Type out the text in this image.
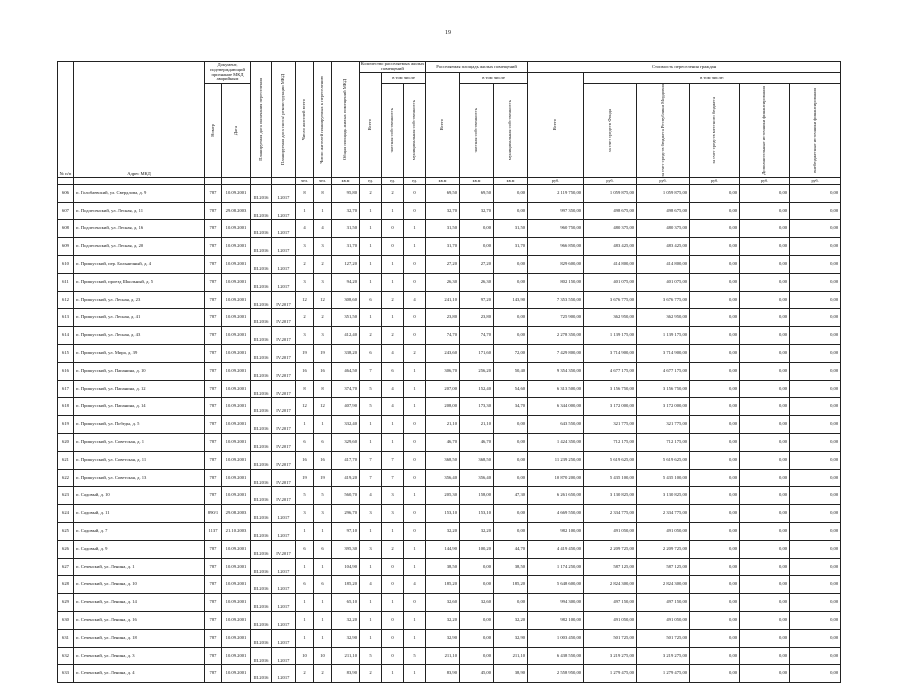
19
№ п/п	Адрес МКД	Документ, подтверждающий признание МКД аварийным		Планируемая дата окончания переселения	Планируемая дата сноса/ реконструкции МКД	Число жителей всего	Число жителей планируемых к переселению	Общая площадь жилых помещений МКД	Количество расселяемых жилых помещений			Расселяемая площадь жилых помещений			Стоимость переселения граждан					

									Всего	в том числе		Всего	в том числе		Всего	в том числе:				

		Номер	Дата							частная собственность	муниципальная собственность		частная собственность	муниципальная собственность		за счет средств Фонда	за счет средств бюджета Республики Мордовия	за счет средств местного бюджета	Дополнительные источники финансирования	внебюджетные источники финансирования

						чел.	чел.	кв.м	ед.	ед.	ед.	кв.м	кв.м	кв.м	руб.	руб.	руб.	руб.	руб.	руб.
606	п. Голобаевский, ул. Свердлова, д. 9	787	10.09.2001	III.2016	I.2017	8	8	95,80	2	2	0	69,50	69,50	0,00	2 119 750,00	1 059 875,00	1 059 875,00	0,00	0,00	0,00
607	п. Подлесенский, ул. Лесная, д. 11	787	29.08.2003	III.2016	I.2017	1	1	32,70	1	1	0	32,70	32,70	0,00	997 350,00	498 675,00	498 675,00	0,00	0,00	0,00
608	п. Подлесенский, ул. Лесная, д. 16	787	10.09.2001	III.2016	I.2017	4	4	31,50	1	0	1	31,50	0,00	31,50	960 750,00	480 375,00	480 375,00	0,00	0,00	0,00
609	п. Подлесенский, ул. Лесная, д. 20	787	10.09.2001	III.2016	I.2017	3	3	31,70	1	0	1	31,70	0,00	31,70	966 850,00	483 425,00	483 425,00	0,00	0,00	0,00
610	п. Пришусский, пер. Больничный, д. 4	787	10.09.2001	III.2016	I.2017	2	2	127,20	1	1	0	27,20	27,20	0,00	829 600,00	414 800,00	414 800,00	0,00	0,00	0,00
611	п. Пришусский, проезд Школьный, д. 5	787	10.09.2001	III.2016	I.2017	3	3	94,20	1	1	0	26,30	26,30	0,00	802 150,00	401 075,00	401 075,00	0,00	0,00	0,00
612	п. Пришусский, ул. Лесная, д. 23	787	10.09.2001	III.2016	IV.2017	12	12	308,60	6	2	4	241,10	97,20	143,90	7 353 550,00	3 676 775,00	3 676 775,00	0,00	0,00	0,00
613	п. Пришусский, ул. Лесная, д. 41	787	10.09.2001	III.2016	IV.2017	2	2	351,50	1	1	0	23,80	23,80	0,00	725 900,00	362 950,00	362 950,00	0,00	0,00	0,00
614	п. Пришусский, ул. Лесная, д. 43	787	10.09.2001	III.2016	IV.2017	3	3	412,40	2	2	0	74,70	74,70	0,00	2 278 350,00	1 139 175,00	1 139 175,00	0,00	0,00	0,00
615	п. Пришусский, ул. Мира, д. 39	787	10.09.2001	III.2016	IV.2017	19	19	338,20	6	4	2	243,60	171,60	72,00	7 429 800,00	3 714 900,00	3 714 900,00	0,00	0,00	0,00
616	п. Пришусский, ул. Папанина, д. 10	787	10.09.2001	III.2016	IV.2017	16	16	464,50	7	6	1	306,70	256,20	50,40	9 354 350,00	4 677 175,00	4 677 175,00	0,00	0,00	0,00
617	п. Пришусский, ул. Папанина, д. 12	787	10.09.2001	III.2016	IV.2017	8	8	374,70	5	4	1	207,00	152,40	54,60	6 313 500,00	3 156 750,00	3 156 750,00	0,00	0,00	0,00
618	п. Пришусский, ул. Папанина, д. 14	787	10.09.2001	III.2016	IV.2017	12	12	407,90	5	4	1	208,00	173,30	34,70	6 344 000,00	3 172 000,00	3 172 000,00	0,00	0,00	0,00
619	п. Пришусский, ул. Победы, д. 5	787	10.09.2001	III.2016	IV.2017	1	1	332,40	1	1	0	21,10	21,10	0,00	643 550,00	321 775,00	321 775,00	0,00	0,00	0,00
620	п. Пришусский, ул. Советская, д. 1	787	10.09.2001	III.2016	IV.2017	6	6	329,60	1	1	0	46,70	46,70	0,00	1 424 350,00	712 175,00	712 175,00	0,00	0,00	0,00
621	п. Пришусский, ул. Советская, д. 11	787	10.09.2001	III.2016	IV.2017	16	16	417,70	7	7	0	368,50	368,50	0,00	11 239 250,00	5 619 625,00	5 619 625,00	0,00	0,00	0,00
622	п. Пришусский, ул. Советская, д. 13	787	10.09.2001	III.2016	IV.2017	19	19	419,20	7	7	0	356,40	356,40	0,00	10 870 200,00	5 435 100,00	5 435 100,00	0,00	0,00	0,00
623	п. Садовый, д. 10	787	10.09.2001	III.2016	IV.2017	5	5	560,70	4	3	1	205,30	158,00	47,30	6 261 650,00	3 130 825,00	3 130 825,00	0,00	0,00	0,00
624	п. Садовый, д. 11	890/1	29.08.2003	III.2016	I.2017	3	3	296,70	3	3	0	153,10	153,10	0,00	4 669 550,00	2 334 775,00	2 334 775,00	0,00	0,00	0,00
625	п. Садовый, д. 7	1137	21.10.2003	III.2016	I.2017	1	1	97,10	1	1	0	32,20	32,20	0,00	982 100,00	491 050,00	491 050,00	0,00	0,00	0,00
626	п. Садовый, д. 9	787	10.09.2001	III.2016	IV.2017	6	6	395,30	3	2	1	144,90	100,20	44,70	4 419 450,00	2 209 725,00	2 209 725,00	0,00	0,00	0,00
627	п. Сеченский, ул. Ленина, д. 1	787	10.09.2001	III.2016	I.2017	1	1	104,90	1	0	1	38,50	0,00	38,50	1 174 250,00	587 125,00	587 125,00	0,00	0,00	0,00
628	п. Сеченский, ул. Ленина, д. 10	787	10.09.2001	III.2016	I.2017	6	6	185,20	4	0	4	185,20	0,00	185,20	5 648 600,00	2 824 300,00	2 824 300,00	0,00	0,00	0,00
629	п. Сеченский, ул. Ленина, д. 14	787	10.09.2001	III.2016	I.2017	1	1	65,10	1	1	0	32,60	32,60	0,00	994 300,00	497 150,00	497 150,00	0,00	0,00	0,00
630	п. Сеченский, ул. Ленина, д. 16	787	10.09.2001	III.2016	I.2017	1	1	32,20	1	0	1	32,20	0,00	32,20	982 100,00	491 050,00	491 050,00	0,00	0,00	0,00
631	п. Сеченский, ул. Ленина, д. 18	787	10.09.2001	III.2016	I.2017	1	1	32,90	1	0	1	32,90	0,00	32,90	1 003 450,00	501 725,00	501 725,00	0,00	0,00	0,00
632	п. Сеченский, ул. Ленина, д. 3	787	10.09.2001	III.2016	I.2017	10	10	211,10	5	0	5	211,10	0,00	211,10	6 438 550,00	3 219 275,00	3 219 275,00	0,00	0,00	0,00
633	п. Сеченский, ул. Ленина, д. 4	787	10.09.2001	III.2016	I.2017	2	2	83,90	2	1	1	83,90	45,00	38,90	2 558 950,00	1 279 475,00	1 279 475,00	0,00	0,00	0,00
